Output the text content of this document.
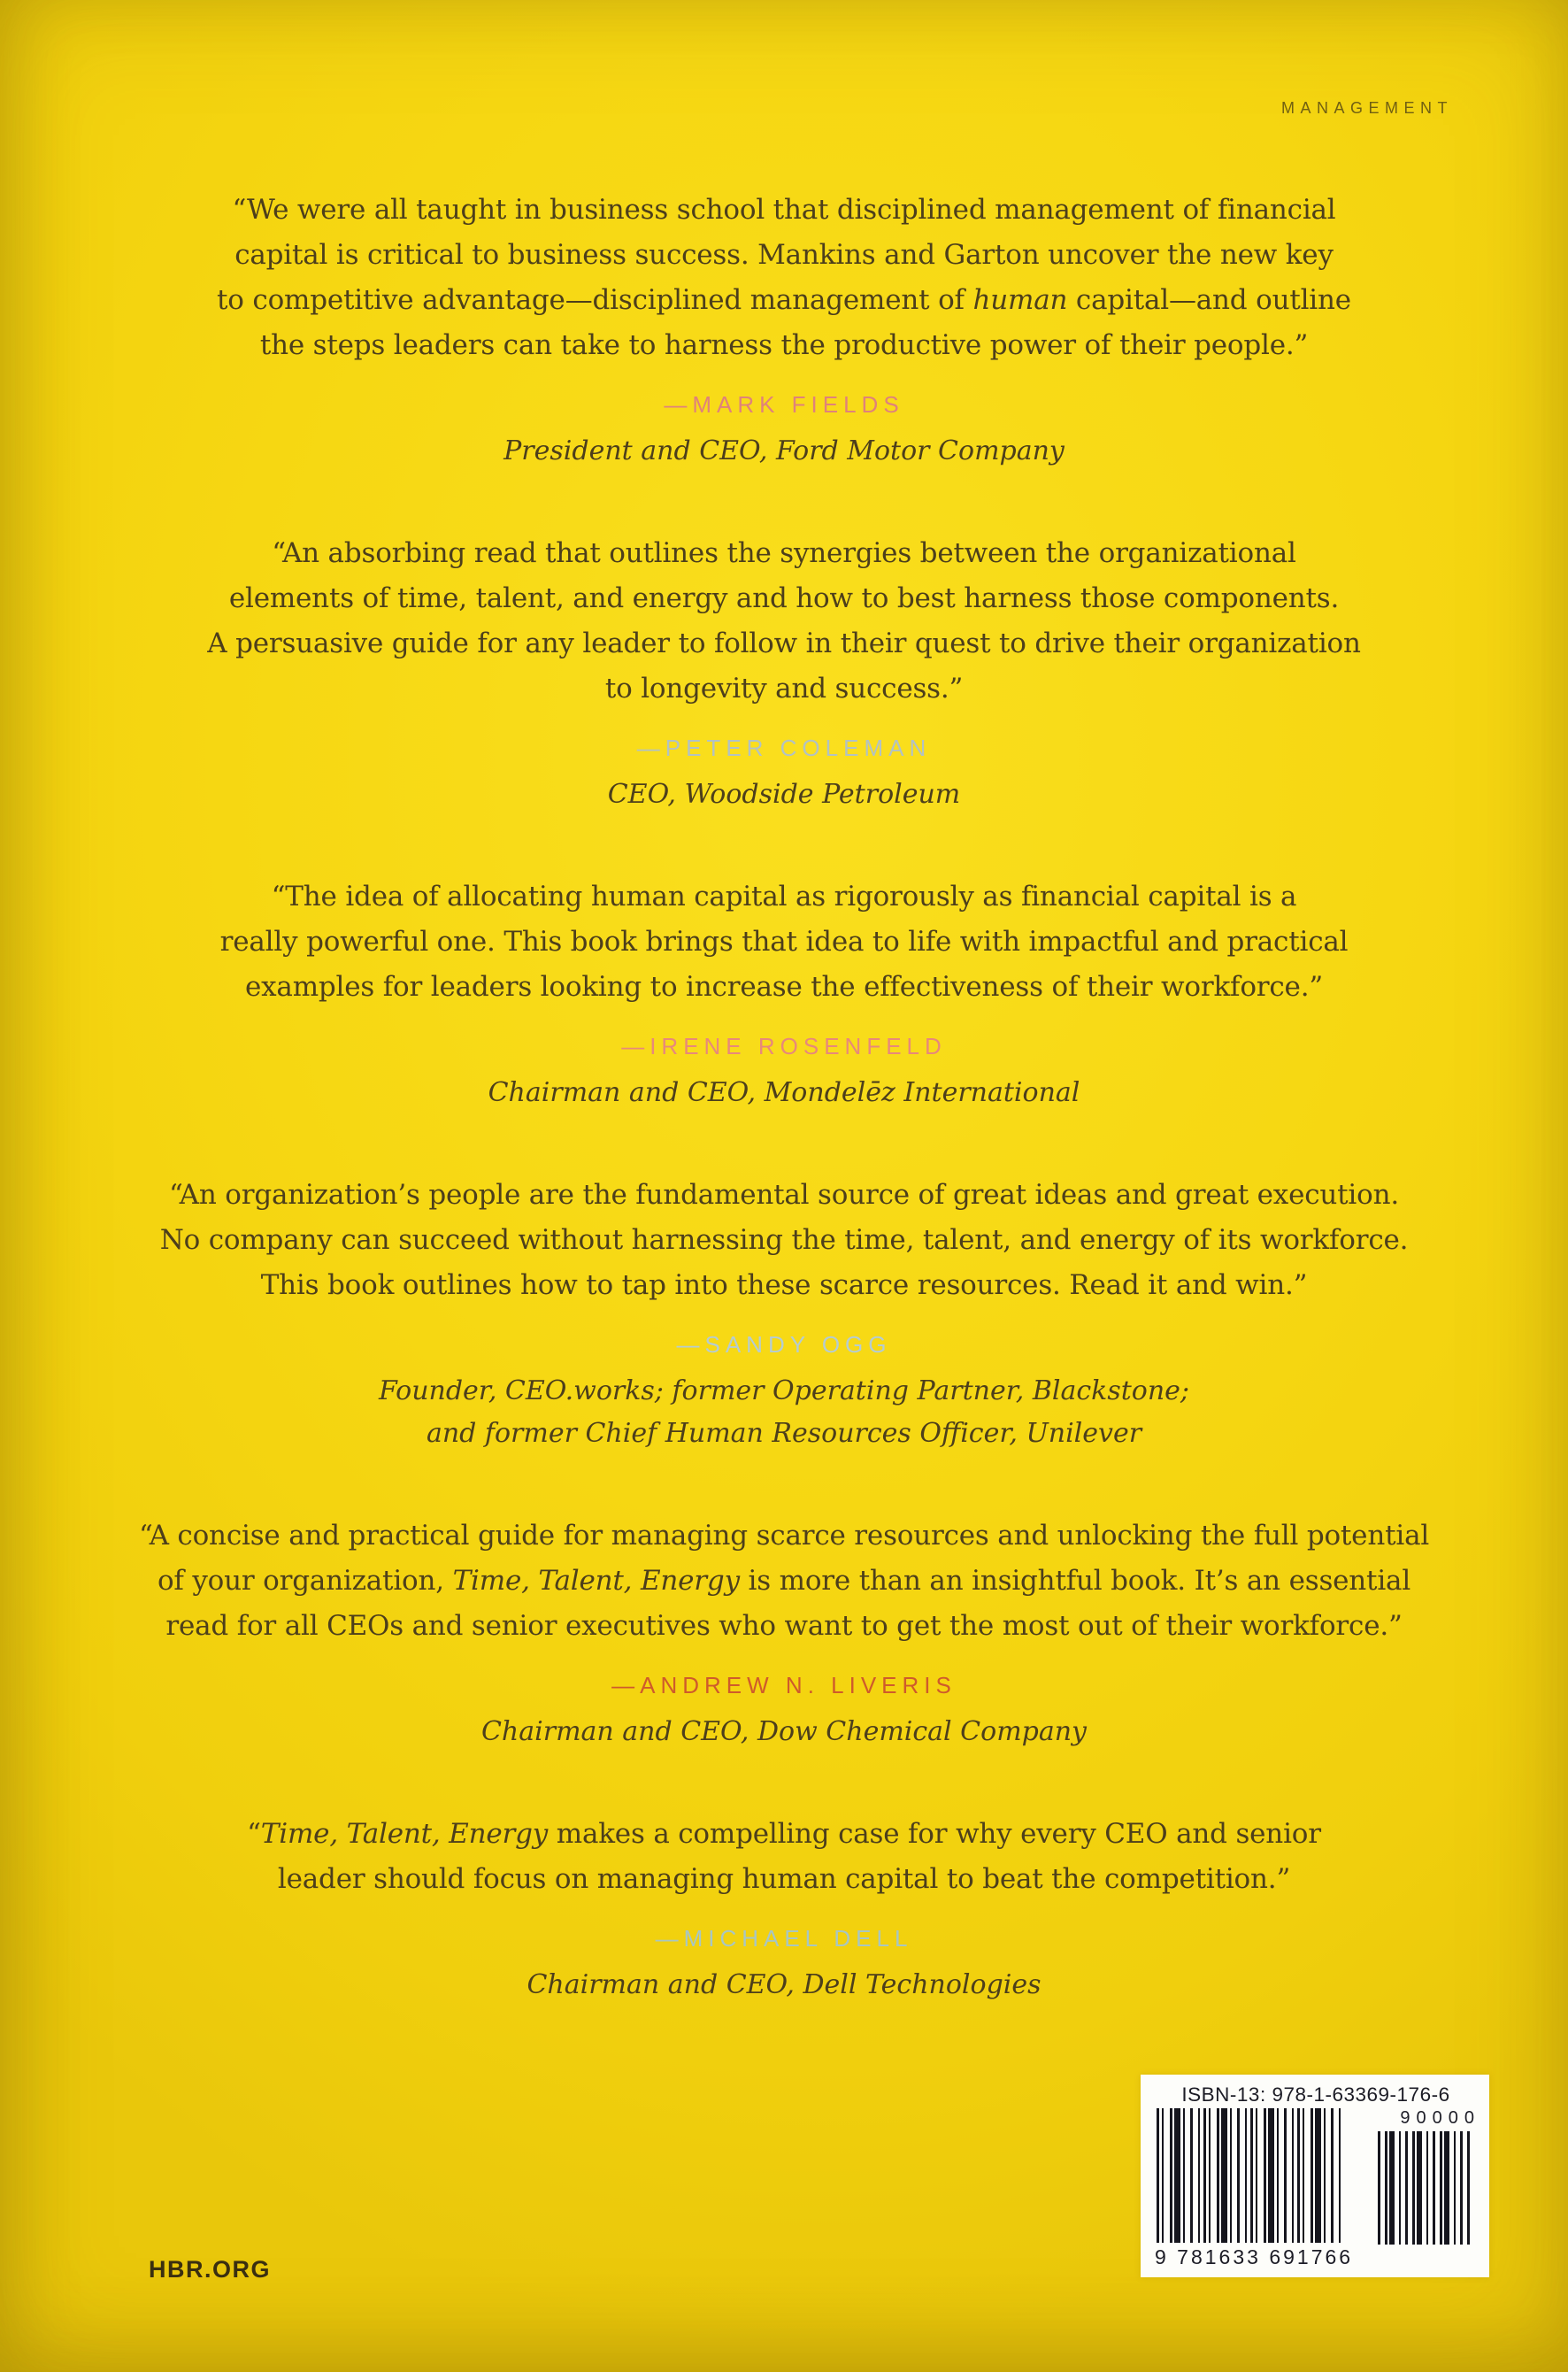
MANAGEMENT
“We were all taught in business school that disciplined management of financial
capital is critical to business success. Mankins and Garton uncover the new key
to competitive advantage—disciplined management of human capital—and outline
the steps leaders can take to harness the productive power of their people.”
—MARK FIELDS
President and CEO, Ford Motor Company
“An absorbing read that outlines the synergies between the organizational
elements of time, talent, and energy and how to best harness those components.
A persuasive guide for any leader to follow in their quest to drive their organization
to longevity and success.”
—PETER COLEMAN
CEO, Woodside Petroleum
“The idea of allocating human capital as rigorously as financial capital is a
really powerful one. This book brings that idea to life with impactful and practical
examples for leaders looking to increase the effectiveness of their workforce.”
—IRENE ROSENFELD
Chairman and CEO, Mondelēz International
“An organization’s people are the fundamental source of great ideas and great execution.
No company can succeed without harnessing the time, talent, and energy of its workforce.
This book outlines how to tap into these scarce resources. Read it and win.”
—SANDY OGG
Founder, CEO.works; former Operating Partner, Blackstone;
and former Chief Human Resources Officer, Unilever
“A concise and practical guide for managing scarce resources and unlocking the full potential
of your organization, Time, Talent, Energy is more than an insightful book. It’s an essential
read for all CEOs and senior executives who want to get the most out of their workforce.”
—ANDREW N. LIVERIS
Chairman and CEO, Dow Chemical Company
“Time, Talent, Energy makes a compelling case for why every CEO and senior
leader should focus on managing human capital to beat the competition.”
—MICHAEL DELL
Chairman and CEO, Dell Technologies
HBR.ORG
ISBN-13: 978-1-63369-176-6
9 781633 691766
90000
